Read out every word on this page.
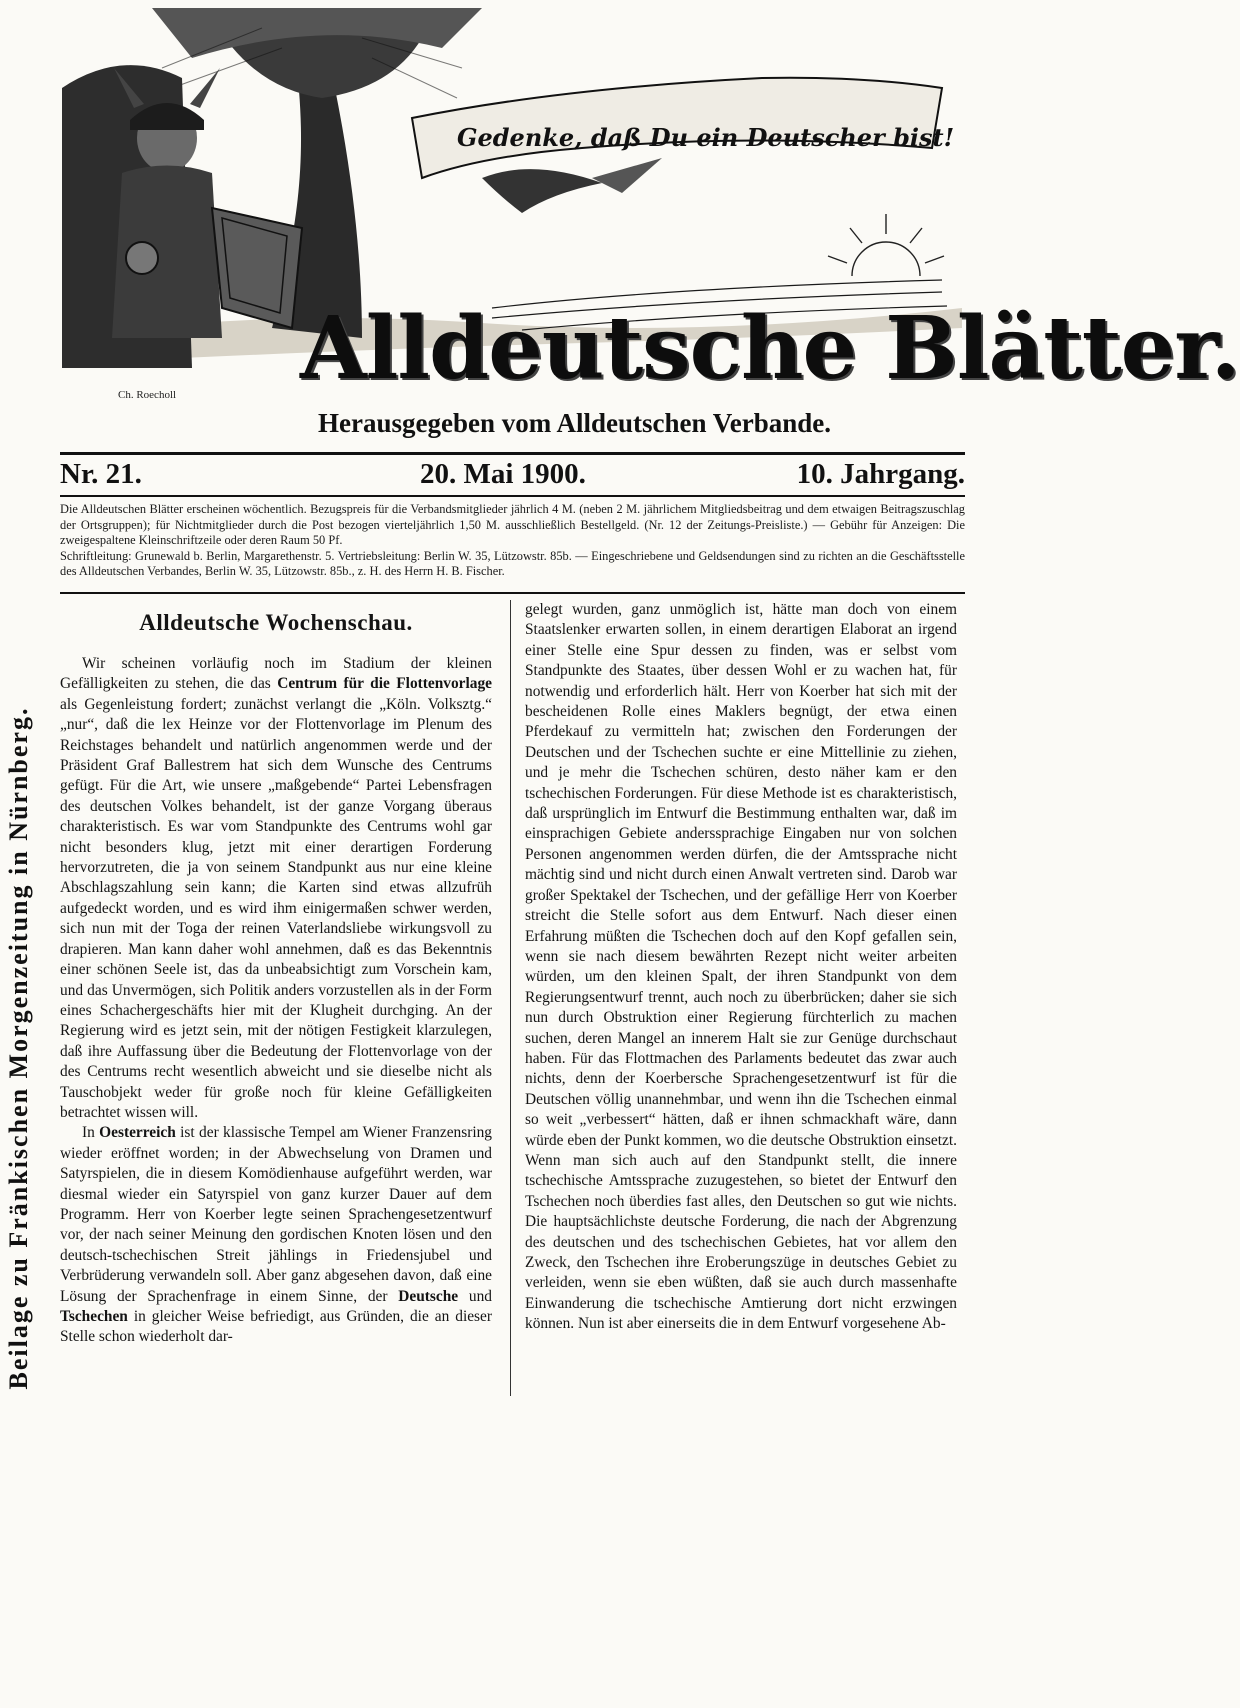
Beilage zu Fränkischen Morgenzeitung in Nürnberg.
Gedenke, daß Du ein Deutscher bist!
Ch. Roecholl Alldeutsche Blätter.
Herausgegeben vom Alldeutschen Verbande.
Nr. 21.	20. Mai 1900.	10. Jahrgang.

Die Alldeutschen Blätter erscheinen wöchentlich. Bezugspreis für die Verbandsmitglieder jährlich 4 M. (neben 2 M. jährlichem Mitgliedsbeitrag und dem etwaigen Beitragszuschlag der Ortsgruppen); für Nichtmitglieder durch die Post bezogen vierteljährlich 1,50 M. ausschließlich Bestellgeld. (Nr. 12 der Zeitungs-Preisliste.) — Gebühr für Anzeigen: Die zweigespaltene Kleinschriftzeile oder deren Raum 50 Pf.

Schriftleitung: Grunewald b. Berlin, Margarethenstr. 5. Vertriebsleitung: Berlin W. 35, Lützowstr. 85b. — Eingeschriebene und Geldsendungen sind zu richten an die Geschäftsstelle des Alldeutschen Verbandes, Berlin W. 35, Lützowstr. 85b., z. H. des Herrn H. B. Fischer.

Alldeutsche Wochenschau.

Wir scheinen vorläufig noch im Stadium der kleinen Gefälligkeiten zu stehen, die das Centrum für die Flottenvorlage als Gegenleistung fordert; zunächst verlangt die „Köln. Volksztg.“ „nur“, daß die lex Heinze vor der Flottenvorlage im Plenum des Reichstages behandelt und natürlich angenommen werde und der Präsident Graf Ballestrem hat sich dem Wunsche des Centrums gefügt. Für die Art, wie unsere „maßgebende“ Partei Lebensfragen des deutschen Volkes behandelt, ist der ganze Vorgang überaus charakteristisch. Es war vom Standpunkte des Centrums wohl gar nicht besonders klug, jetzt mit einer derartigen Forderung hervorzutreten, die ja von seinem Standpunkt aus nur eine kleine Abschlagszahlung sein kann; die Karten sind etwas allzufrüh aufgedeckt worden, und es wird ihm einigermaßen schwer werden, sich nun mit der Toga der reinen Vaterlandsliebe wirkungsvoll zu drapieren. Man kann daher wohl annehmen, daß es das Bekenntnis einer schönen Seele ist, das da unbeabsichtigt zum Vorschein kam, und das Unvermögen, sich Politik anders vorzustellen als in der Form eines Schachergeschäfts hier mit der Klugheit durchging. An der Regierung wird es jetzt sein, mit der nötigen Festigkeit klarzulegen, daß ihre Auffassung über die Bedeutung der Flottenvorlage von der des Centrums recht wesentlich abweicht und sie dieselbe nicht als Tauschobjekt weder für große noch für kleine Gefälligkeiten betrachtet wissen will.

In Oesterreich ist der klassische Tempel am Wiener Franzensring wieder eröffnet worden; in der Abwechselung von Dramen und Satyrspielen, die in diesem Komödienhause aufgeführt werden, war diesmal wieder ein Satyrspiel von ganz kurzer Dauer auf dem Programm. Herr von Koerber legte seinen Sprachengesetzentwurf vor, der nach seiner Meinung den gordischen Knoten lösen und den deutsch-tschechischen Streit jählings in Friedensjubel und Verbrüderung verwandeln soll. Aber ganz abgesehen davon, daß eine Lösung der Sprachenfrage in einem Sinne, der Deutsche und Tschechen in gleicher Weise befriedigt, aus Gründen, die an dieser Stelle schon wiederholt dar-

gelegt wurden, ganz unmöglich ist, hätte man doch von einem Staatslenker erwarten sollen, in einem derartigen Elaborat an irgend einer Stelle eine Spur dessen zu finden, was er selbst vom Standpunkte des Staates, über dessen Wohl er zu wachen hat, für notwendig und erforderlich hält. Herr von Koerber hat sich mit der bescheidenen Rolle eines Maklers begnügt, der etwa einen Pferdekauf zu vermitteln hat; zwischen den Forderungen der Deutschen und der Tschechen suchte er eine Mittellinie zu ziehen, und je mehr die Tschechen schüren, desto näher kam er den tschechischen Forderungen. Für diese Methode ist es charakteristisch, daß ursprünglich im Entwurf die Bestimmung enthalten war, daß im einsprachigen Gebiete anderssprachige Eingaben nur von solchen Personen angenommen werden dürfen, die der Amtssprache nicht mächtig sind und nicht durch einen Anwalt vertreten sind. Darob war großer Spektakel der Tschechen, und der gefällige Herr von Koerber streicht die Stelle sofort aus dem Entwurf. Nach dieser einen Erfahrung müßten die Tschechen doch auf den Kopf gefallen sein, wenn sie nach diesem bewährten Rezept nicht weiter arbeiten würden, um den kleinen Spalt, der ihren Standpunkt von dem Regierungsentwurf trennt, auch noch zu überbrücken; daher sie sich nun durch Obstruktion einer Regierung fürchterlich zu machen suchen, deren Mangel an innerem Halt sie zur Genüge durchschaut haben. Für das Flottmachen des Parlaments bedeutet das zwar auch nichts, denn der Koerbersche Sprachengesetzentwurf ist für die Deutschen völlig unannehmbar, und wenn ihn die Tschechen einmal so weit „verbessert“ hätten, daß er ihnen schmackhaft wäre, dann würde eben der Punkt kommen, wo die deutsche Obstruktion einsetzt. Wenn man sich auch auf den Standpunkt stellt, die innere tschechische Amtssprache zuzugestehen, so bietet der Entwurf den Tschechen noch überdies fast alles, den Deutschen so gut wie nichts. Die hauptsächlichste deutsche Forderung, die nach der Abgrenzung des deutschen und des tschechischen Gebietes, hat vor allem den Zweck, den Tschechen ihre Eroberungszüge in deutsches Gebiet zu verleiden, wenn sie eben wüßten, daß sie auch durch massenhafte Einwanderung die tschechische Amtierung dort nicht erzwingen können. Nun ist aber einerseits die in dem Entwurf vorgesehene Ab-
